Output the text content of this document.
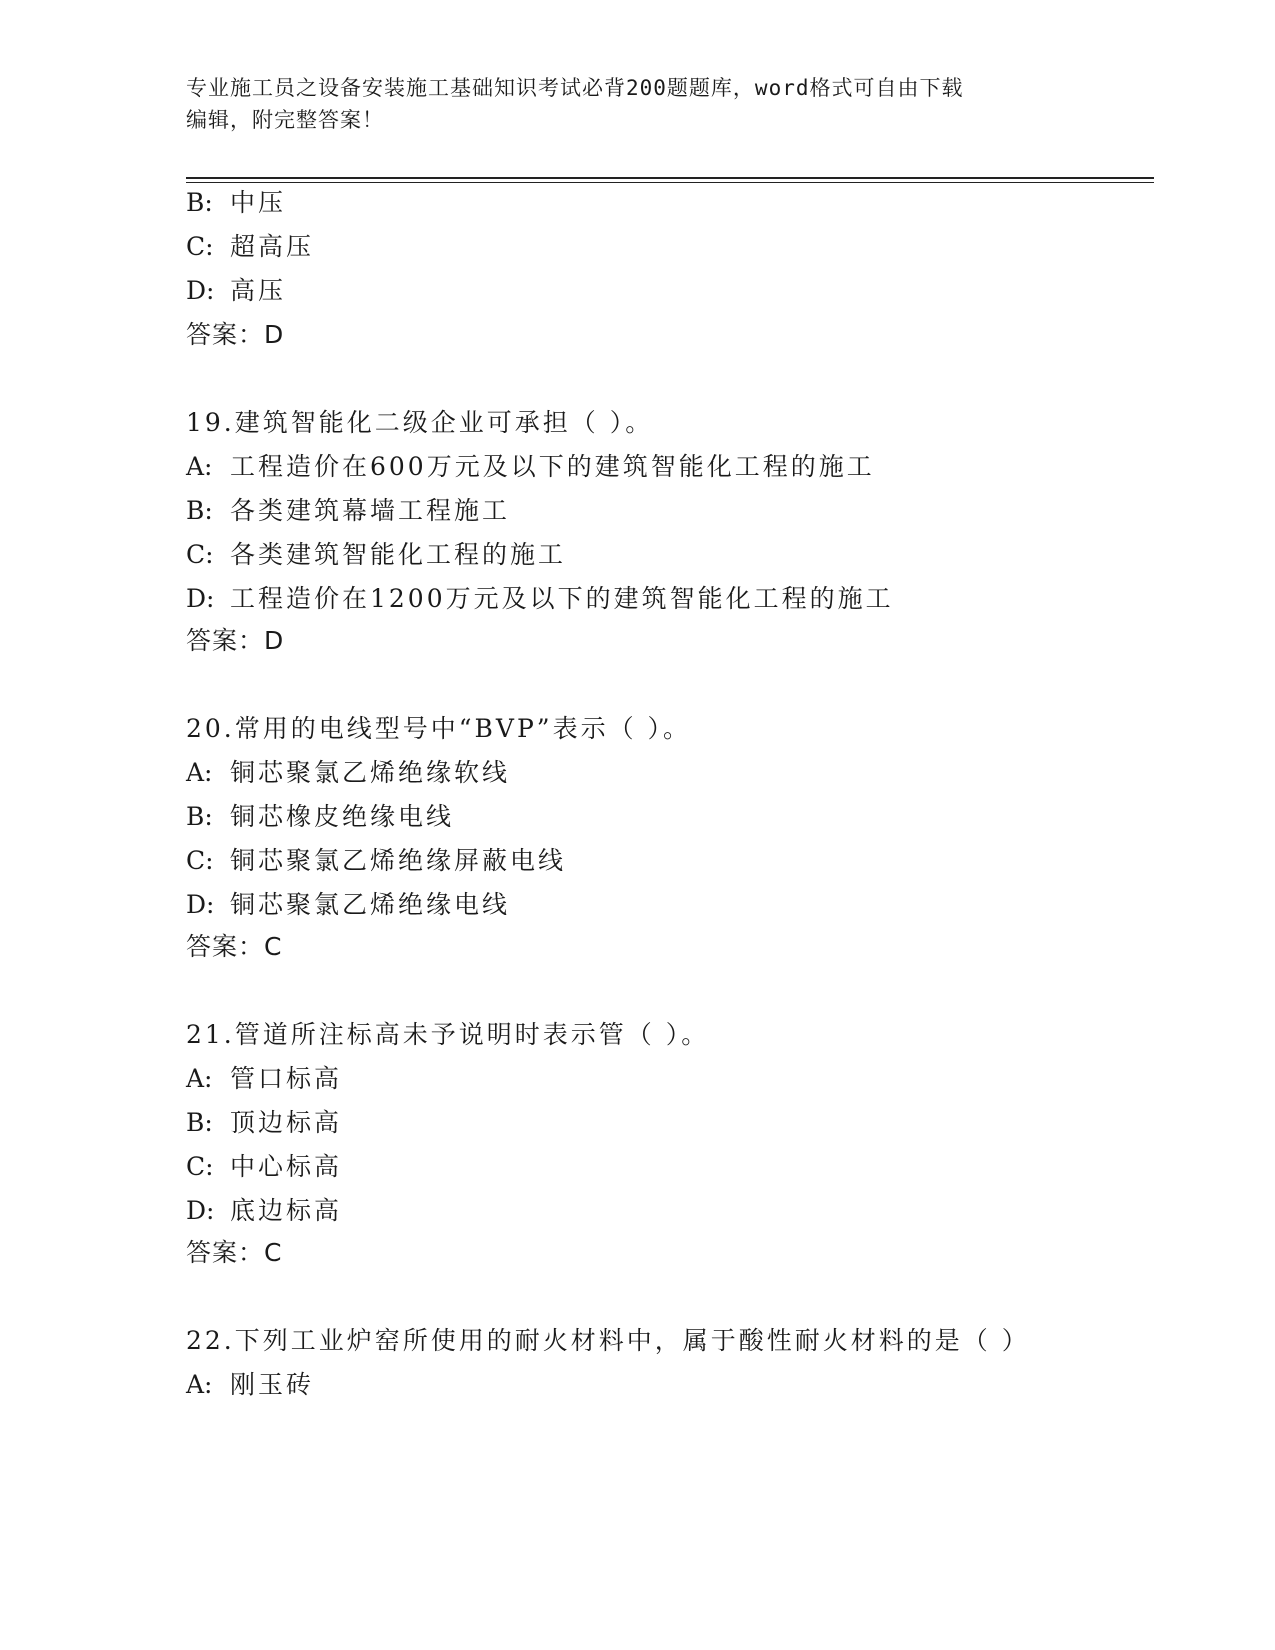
专业施工员之设备安装施工基础知识考试必背200题题库，word格式可自由下载
编辑，附完整答案！
B: 中压
C: 超高压
D: 高压
答案：D
19.建筑智能化二级企业可承担（ ）。
A: 工程造价在600万元及以下的建筑智能化工程的施工
B: 各类建筑幕墙工程施工
C: 各类建筑智能化工程的施工
D: 工程造价在1200万元及以下的建筑智能化工程的施工
答案：D
20.常用的电线型号中“BVP”表示（ ）。
A: 铜芯聚氯乙烯绝缘软线
B: 铜芯橡皮绝缘电线
C: 铜芯聚氯乙烯绝缘屏蔽电线
D: 铜芯聚氯乙烯绝缘电线
答案：C
21.管道所注标高未予说明时表示管（ ）。
A: 管口标高
B: 顶边标高
C: 中心标高
D: 底边标高
答案：C
22.下列工业炉窑所使用的耐火材料中，属于酸性耐火材料的是（ ）
A: 刚玉砖
